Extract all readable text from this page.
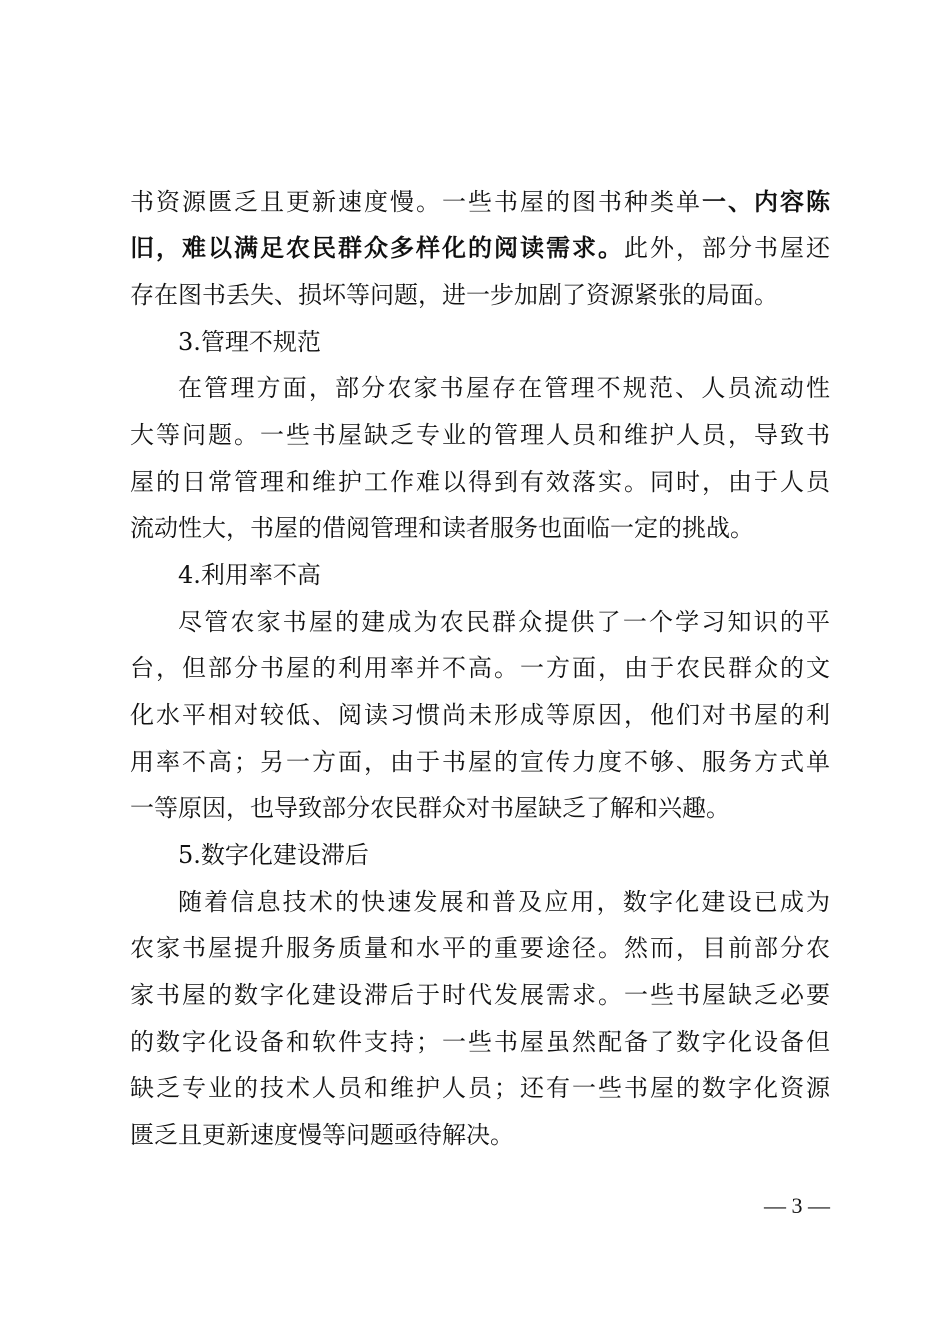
书资源匮乏且更新速度慢。一些书屋的图书种类单一、内容陈
旧，难以满足农民群众多样化的阅读需求。此外，部分书屋还
存在图书丢失、损坏等问题，进一步加剧了资源紧张的局面。
3.管理不规范
在管理方面，部分农家书屋存在管理不规范、人员流动性
大等问题。一些书屋缺乏专业的管理人员和维护人员，导致书
屋的日常管理和维护工作难以得到有效落实。同时，由于人员
流动性大，书屋的借阅管理和读者服务也面临一定的挑战。
4.利用率不高
尽管农家书屋的建成为农民群众提供了一个学习知识的平
台，但部分书屋的利用率并不高。一方面，由于农民群众的文
化水平相对较低、阅读习惯尚未形成等原因，他们对书屋的利
用率不高；另一方面，由于书屋的宣传力度不够、服务方式单
一等原因，也导致部分农民群众对书屋缺乏了解和兴趣。
5.数字化建设滞后
随着信息技术的快速发展和普及应用，数字化建设已成为
农家书屋提升服务质量和水平的重要途径。然而，目前部分农
家书屋的数字化建设滞后于时代发展需求。一些书屋缺乏必要
的数字化设备和软件支持；一些书屋虽然配备了数字化设备但
缺乏专业的技术人员和维护人员；还有一些书屋的数字化资源
匮乏且更新速度慢等问题亟待解决。
— 3 —
